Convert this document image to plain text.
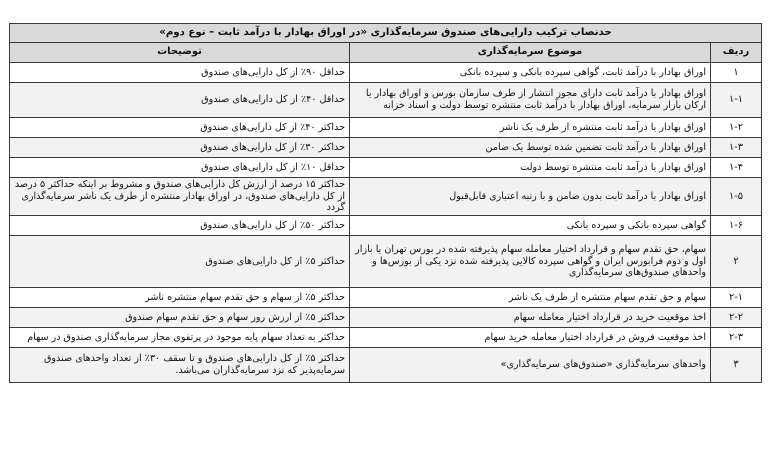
حدنصاب ترکیب دارایی‌های صندوق سرمایه‌گذاری «در اوراق بهادار با درآمد ثابت – نوع دوم»		
ردیف	موضوع سرمایه‌گذاری	توضیحات
۱	اوراق بهادار با درآمد ثابت، گواهی سپرده بانکی و سپرده بانکی	حداقل ۹۰٪ از کل دارایی‌های صندوق
۱-۱	اوراق بهادار با درآمد ثابت دارای مجوز انتشار از طرف سازمان بورس و اوراق بهادار یا ارکان بازار سرمایه، اوراق بهادار با درآمد ثابت منتشره توسط دولت و اسناد خزانه	حداقل ۴۰٪ از کل دارایی‌های صندوق
۱-۲	اوراق بهادار با درآمد ثابت منتشره از طرف یک ناشر	حداکثر ۴۰٪ از کل دارایی‌های صندوق
۱-۳	اوراق بهادار با درآمد ثابت تضمین شده توسط یک ضامن	حداکثر ۳۰٪ از کل دارایی‌های صندوق
۱-۴	اوراق بهادار با درآمد ثابت منتشره توسط دولت	حداقل ۱۰٪ از کل دارایی‌های صندوق
۱-۵	اوراق بهادار با درآمد ثابت بدون ضامن و با رتبه اعتباری قابل‌قبول	حداکثر ۱۵ درصد از ارزش کل دارایی‌های صندوق و مشروط بر اینکه حداکثر ۵ درصد از کل دارایی‌های صندوق، در اوراق بهادار منتشره از طرف یک ناشر سرمایه‌گذاری گردد
۱-۶	گواهی سپرده بانکی و سپرده بانکی	حداکثر ۵۰٪ از کل دارایی‌های صندوق
۲	سهام، حق تقدم سهام و قرارداد اختیار معامله سهام پذیرفته شده در بورس تهران یا بازار اول و دوم فرابورس ایران و گواهی سپرده کالایی پذیرفته شده نزد یکی از بورس‌ها و واحدهای صندوق‌های سرمایه‌گذاری	حداکثر ۵٪ از کل دارایی‌های صندوق
۲-۱	سهام و حق تقدم سهام منتشره از طرف یک ناشر	حداکثر ۵٪ از سهام و حق تقدم سهام منتشره ناشر
۲-۲	اخذ موقعیت خرید در قرارداد اختیار معامله سهام	حداکثر ۵٪ از ارزش روز سهام و حق تقدم سهام صندوق
۲-۳	اخذ موقعیت فروش در قرارداد اختیار معامله خرید سهام	حداکثر به تعداد سهام پایه موجود در پرتفوی مجاز سرمایه‌گذاری صندوق در سهام
۳	واحدهای سرمایه‌گذاری «صندوق‌های سرمایه‌گذاری»	حداکثر ۵٪ از کل دارایی‌های صندوق و تا سقف ۳۰٪ از تعداد واحدهای صندوق سرمایه‌پذیر که نزد سرمایه‌گذاران می‌باشد.
